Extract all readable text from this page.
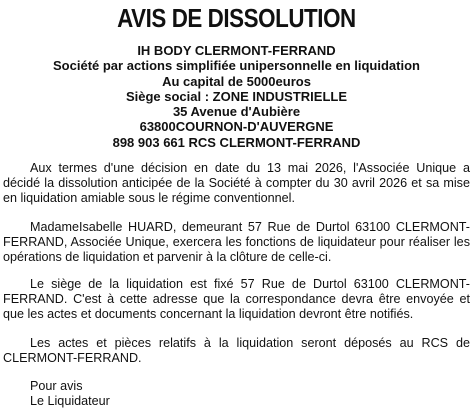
AVIS DE DISSOLUTION
IH BODY CLERMONT-FERRAND
Société par actions simplifiée unipersonnelle en liquidation
Au capital de 5000euros
Siège social : ZONE INDUSTRIELLE
35 Avenue d'Aubière
63800COURNON-D'AUVERGNE
898 903 661 RCS CLERMONT-FERRAND

Aux termes d'une décision en date du 13 mai 2026, l'Associée Unique a décidé la dissolution anticipée de la Société à compter du 30 avril 2026 et sa mise en liquidation amiable sous le régime conventionnel.

MadameIsabelle HUARD, demeurant 57 Rue de Durtol 63100 CLERMONT-FERRAND, Associée Unique, exercera les fonctions de liquidateur pour réaliser les opérations de liquidation et parvenir à la clôture de celle-ci.

Le siège de la liquidation est fixé 57 Rue de Durtol 63100 CLERMONT-FERRAND. C'est à cette adresse que la correspondance devra être envoyée et que les actes et documents concernant la liquidation devront être notifiés.

Les actes et pièces relatifs à la liquidation seront déposés au RCS de CLERMONT-FERRAND.

Pour avis
Le Liquidateur
